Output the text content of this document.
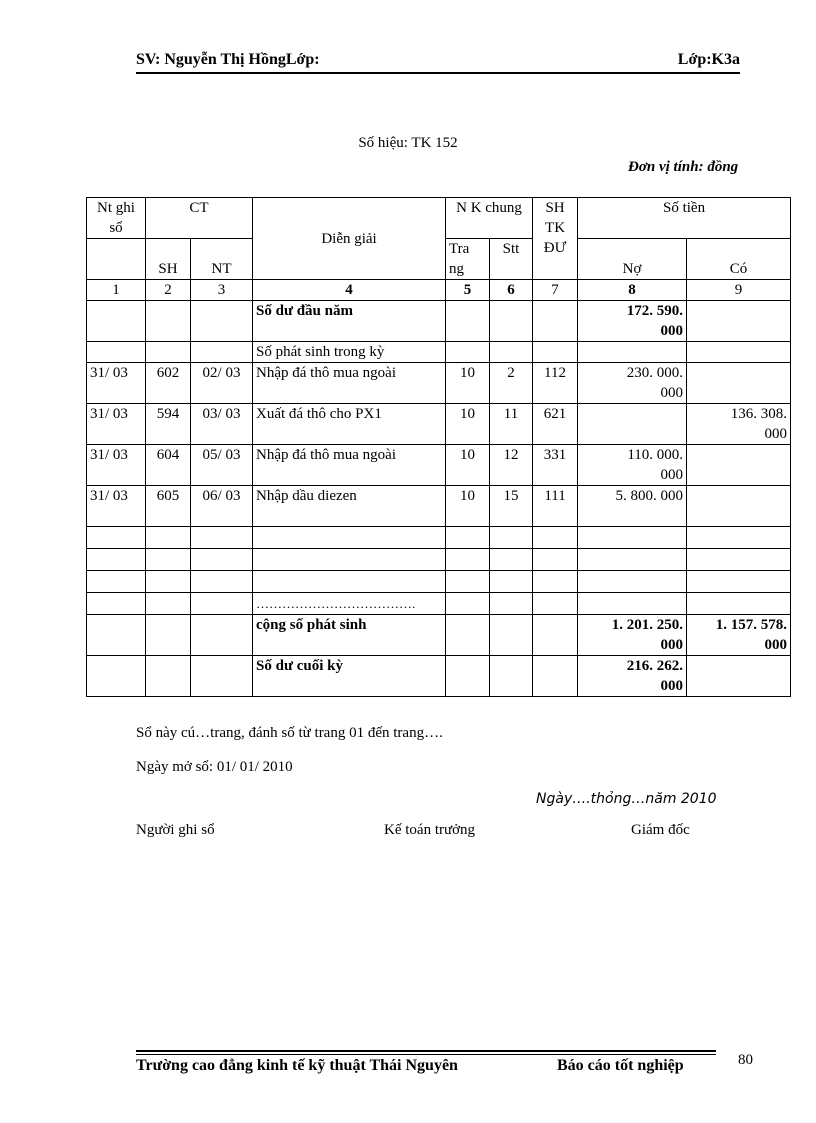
SV: Nguyễn Thị HồngLớp:	Lớp:K3a
Số hiệu: TK 152
Đơn vị tính: đồng
Nt ghi sổ	CT		Diễn giải	N K chung		SH TK ĐƯ	Số tiền	
	SH	NT		Tra ng	Stt		Nợ	Có

1	2	3	4	5	6	7	8	9
			Số dư đầu năm				172. 590. 000	
			Số phát sinh trong kỳ					
31/ 03	602	02/ 03	Nhập đá thô mua ngoài	10	2	112	230. 000. 000	
31/ 03	594	03/ 03	Xuất đá thô cho PX1	10	11	621		136. 308. 000
31/ 03	604	05/ 03	Nhập đá thô mua ngoài	10	12	331	110. 000. 000	
31/ 03	605	06/ 03	Nhập dầu diezen	10	15	111	5. 800. 000	

			……………………………….					
			cộng số phát sinh				1. 201. 250. 000	1. 157. 578. 000
			Số dư cuối kỳ				216. 262. 000	
Sổ này cú…trang, đánh số từ trang 01 đến trang….
Ngày mở sổ: 01/ 01/ 2010
Ngày….thỏng…năm 2010
Người ghi sổ	Kế toán trưởng	Giám đốc
Trường cao đẳng kinh tế kỹ thuật Thái Nguyên	Báo cáo tốt nghiệp	80
